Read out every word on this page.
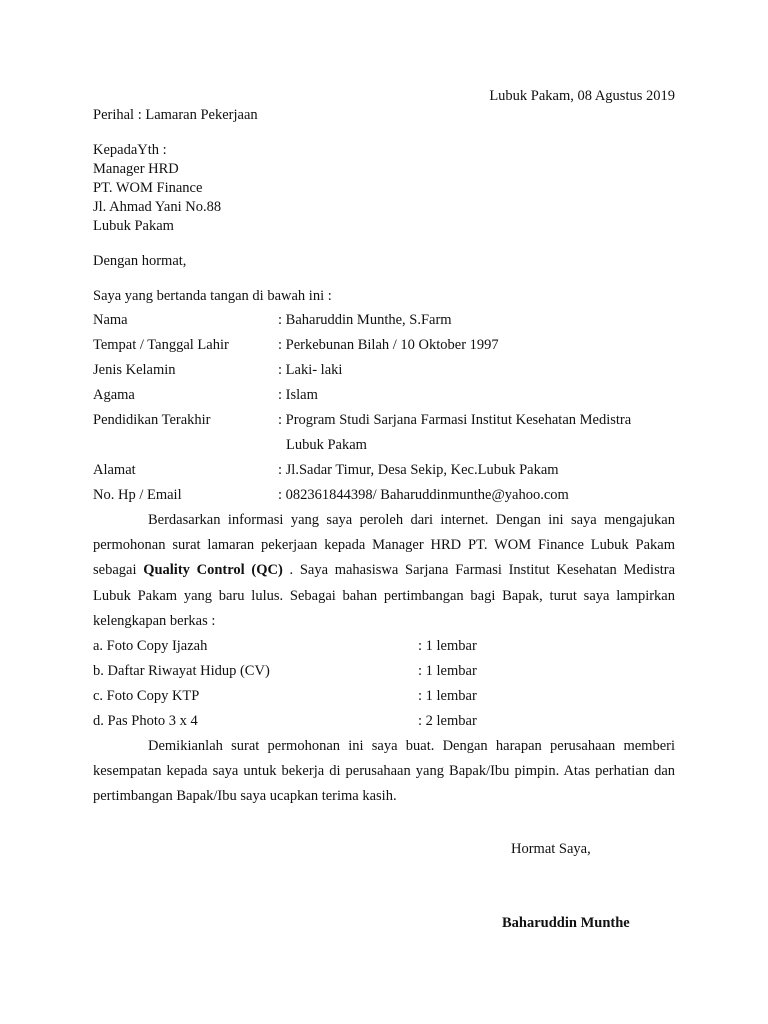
Lubuk Pakam, 08 Agustus 2019
Perihal : Lamaran Pekerjaan
KepadaYth :
Manager HRD
PT. WOM Finance
Jl. Ahmad Yani No.88
Lubuk Pakam
Dengan hormat,
Saya yang bertanda tangan di bawah ini :
Nama	: Baharuddin Munthe, S.Farm
Tempat / Tanggal Lahir	: Perkebunan Bilah / 10 Oktober 1997
Jenis Kelamin	: Laki- laki
Agama	: Islam
Pendidikan Terakhir	: Program Studi Sarjana Farmasi Institut Kesehatan Medistra
Lubuk Pakam
Alamat	: Jl.Sadar Timur, Desa Sekip, Kec.Lubuk Pakam
No. Hp / Email	: 082361844398/ Baharuddinmunthe@yahoo.com
Berdasarkan informasi yang saya peroleh dari internet. Dengan ini saya mengajukan permohonan surat lamaran pekerjaan kepada Manager HRD PT. WOM Finance Lubuk Pakam sebagai Quality Control (QC) . Saya mahasiswa Sarjana Farmasi Institut Kesehatan Medistra Lubuk Pakam yang baru lulus. Sebagai bahan pertimbangan bagi Bapak, turut saya lampirkan kelengkapan berkas :
a. Foto Copy Ijazah	: 1 lembar
b. Daftar Riwayat Hidup (CV)	: 1 lembar
c. Foto Copy KTP	: 1 lembar
d. Pas Photo 3 x 4	: 2 lembar
Demikianlah surat permohonan ini saya buat. Dengan harapan perusahaan memberi kesempatan kepada saya untuk bekerja di perusahaan yang Bapak/Ibu pimpin. Atas perhatian dan pertimbangan Bapak/Ibu saya ucapkan terima kasih.
Hormat Saya,
Baharuddin Munthe
